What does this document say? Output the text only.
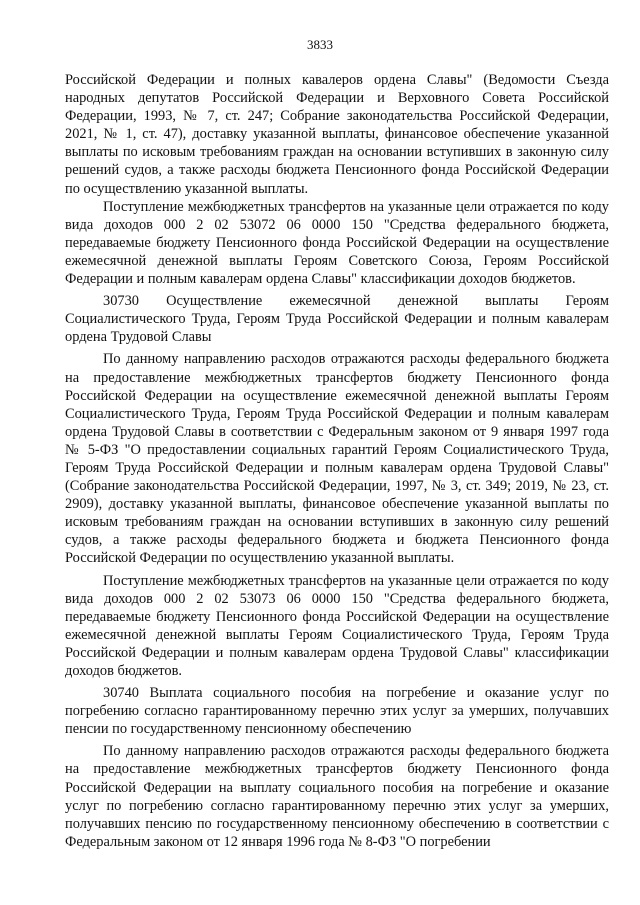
3833

Российской Федерации и полных кавалеров ордена Славы" (Ведомости Съезда народных депутатов Российской Федерации и Верховного Совета Российской Федерации, 1993, № 7, ст. 247; Собрание законодательства Российской Федерации, 2021, № 1, ст. 47), доставку указанной выплаты, финансовое обеспечение указанной выплаты по исковым требованиям граждан на основании вступивших в законную силу решений судов, а также расходы бюджета Пенсионного фонда Российской Федерации по осуществлению указанной выплаты.

Поступление межбюджетных трансфертов на указанные цели отражается по коду вида доходов 000 2 02 53072 06 0000 150 "Средства федерального бюджета, передаваемые бюджету Пенсионного фонда Российской Федерации на осуществление ежемесячной денежной выплаты Героям Советского Союза, Героям Российской Федерации и полным кавалерам ордена Славы" классификации доходов бюджетов.

30730 Осуществление ежемесячной денежной выплаты Героям Социалистического Труда, Героям Труда Российской Федерации и полным кавалерам ордена Трудовой Славы

По данному направлению расходов отражаются расходы федерального бюджета на предоставление межбюджетных трансфертов бюджету Пенсионного фонда Российской Федерации на осуществление ежемесячной денежной выплаты Героям Социалистического Труда, Героям Труда Российской Федерации и полным кавалерам ордена Трудовой Славы в соответствии с Федеральным законом от 9 января 1997 года № 5-ФЗ "О предоставлении социальных гарантий Героям Социалистического Труда, Героям Труда Российской Федерации и полным кавалерам ордена Трудовой Славы" (Собрание законодательства Российской Федерации, 1997, № 3, ст. 349; 2019, № 23, ст. 2909), доставку указанной выплаты, финансовое обеспечение указанной выплаты по исковым требованиям граждан на основании вступивших в законную силу решений судов, а также расходы федерального бюджета и бюджета Пенсионного фонда Российской Федерации по осуществлению указанной выплаты.

Поступление межбюджетных трансфертов на указанные цели отражается по коду вида доходов 000 2 02 53073 06 0000 150 "Средства федерального бюджета, передаваемые бюджету Пенсионного фонда Российской Федерации на осуществление ежемесячной денежной выплаты Героям Социалистического Труда, Героям Труда Российской Федерации и полным кавалерам ордена Трудовой Славы" классификации доходов бюджетов.

30740 Выплата социального пособия на погребение и оказание услуг по погребению согласно гарантированному перечню этих услуг за умерших, получавших пенсии по государственному пенсионному обеспечению

По данному направлению расходов отражаются расходы федерального бюджета на предоставление межбюджетных трансфертов бюджету Пенсионного фонда Российской Федерации на выплату социального пособия на погребение и оказание услуг по погребению согласно гарантированному перечню этих услуг за умерших, получавших пенсию по государственному пенсионному обеспечению в соответствии с Федеральным законом от 12 января 1996 года № 8-ФЗ "О погребении
